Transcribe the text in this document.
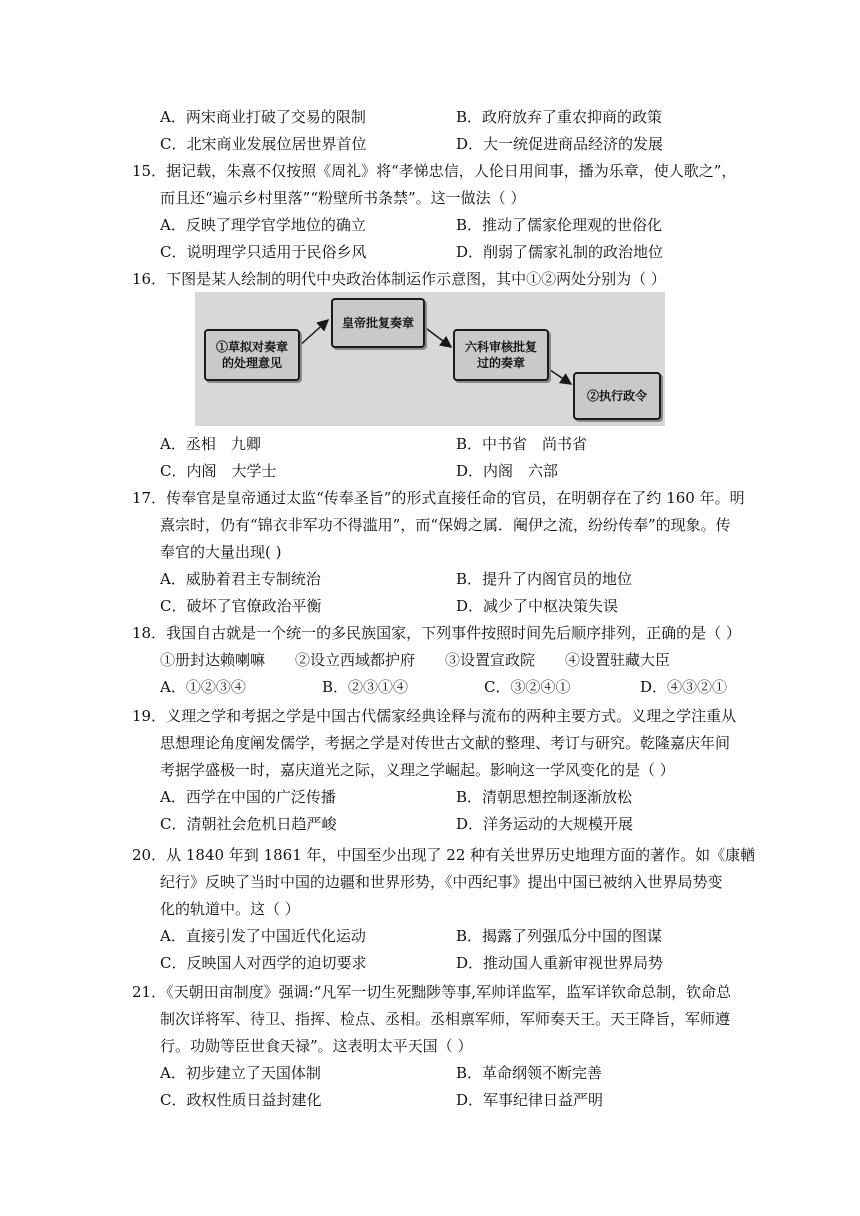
A．两宋商业打破了交易的限制	B．政府放弃了重农抑商的政策
C．北宋商业发展位居世界首位	D．大一统促进商品经济的发展
15．据记载，朱熹不仅按照《周礼》将“孝悌忠信，人伦日用间事，播为乐章，使人歌之”，
而且还“遍示乡村里落”“粉壁所书条禁”。这一做法（ ）
A．反映了理学官学地位的确立	B．推动了儒家伦理观的世俗化
C．说明理学只适用于民俗乡风	D．削弱了儒家礼制的政治地位
16．下图是某人绘制的明代中央政治体制运作示意图，其中①②两处分别为（ ）
①草拟对奏章
的处理意见
皇帝批复奏章
六科审核批复
过的奏章
②执行政令
A．丞相　九卿	B．中书省　尚书省
C．内阁　大学士	D．内阁　六部
17．传奉官是皇帝通过太监“传奉圣旨”的形式直接任命的官员，在明朝存在了约 160 年。明
熹宗时，仍有“锦衣非军功不得滥用”，而“保姆之属．阉伊之流，纷纷传奉”的现象。传
奉官的大量出现( )
A．威胁着君主专制统治	B．提升了内阁官员的地位
C．破坏了官僚政治平衡	D．减少了中枢决策失误
18．我国自古就是一个统一的多民族国家，下列事件按照时间先后顺序排列，正确的是（ ）
①册封达赖喇嘛　　②设立西域都护府　　③设置宣政院　　④设置驻藏大臣
A．①②③④	B．②③①④	C．③②④①	D．④③②①
19．义理之学和考据之学是中国古代儒家经典诠释与流布的两种主要方式。义理之学注重从
思想理论角度阐发儒学，考据之学是对传世古文献的整理、考订与研究。乾隆嘉庆年间
考据学盛极一时，嘉庆道光之际，义理之学崛起。影响这一学风变化的是（ ）
A．西学在中国的广泛传播	B．清朝思想控制逐渐放松
C．清朝社会危机日趋严峻	D．洋务运动的大规模开展
20．从 1840 年到 1861 年，中国至少出现了 22 种有关世界历史地理方面的著作。如《康輶
纪行》反映了当时中国的边疆和世界形势，《中西纪事》提出中国已被纳入世界局势变
化的轨道中。这（ ）
A．直接引发了中国近代化运动	B．揭露了列强瓜分中国的图谋
C．反映国人对西学的迫切要求	D．推动国人重新审视世界局势
21．《天朝田亩制度》强调:“凡军一切生死黜陟等事,军帅详监军，监军详钦命总制，钦命总
制次详将军、待卫、指挥、检点、丞相。丞相禀军师，军师奏天王。天王降旨，军师遵
行。功勋等臣世食天禄”。这表明太平天国（ ）
A．初步建立了天国体制	B．革命纲领不断完善
C．政权性质日益封建化	D．军事纪律日益严明
